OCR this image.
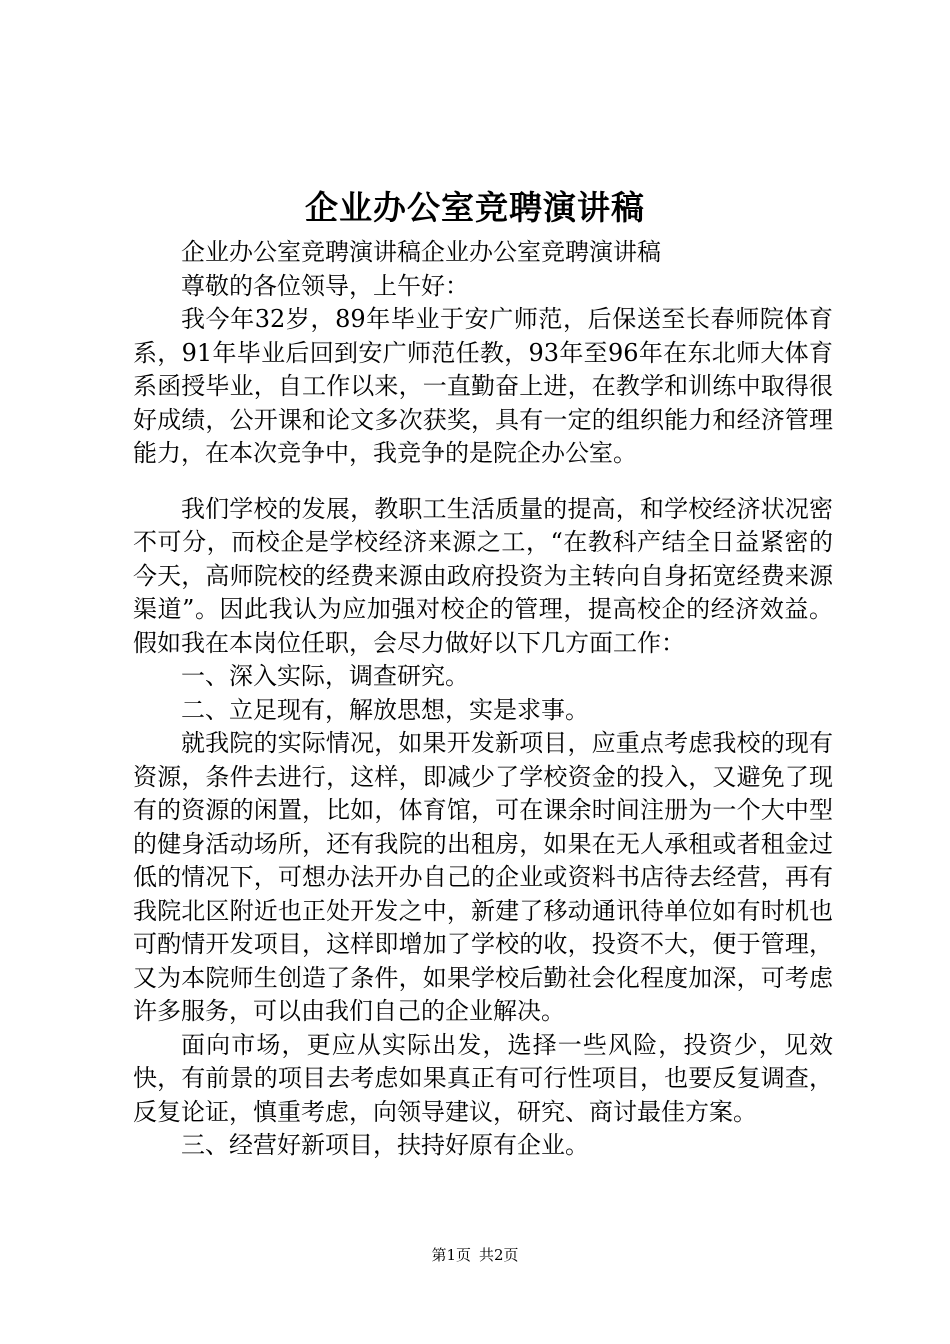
企业办公室竞聘演讲稿

企业办公室竞聘演讲稿企业办公室竞聘演讲稿

尊敬的各位领导，上午好：

我今年32岁，89年毕业于安广师范，后保送至长春师院体育系，91年毕业后回到安广师范任教，93年至96年在东北师大体育系函授毕业，自工作以来，一直勤奋上进，在教学和训练中取得很好成绩，公开课和论文多次获奖，具有一定的组织能力和经济管理能力，在本次竞争中，我竞争的是院企办公室。

我们学校的发展，教职工生活质量的提高，和学校经济状况密不可分，而校企是学校经济来源之工，“在教科产结全日益紧密的今天，高师院校的经费来源由政府投资为主转向自身拓宽经费来源渠道”。因此我认为应加强对校企的管理，提高校企的经济效益。假如我在本岗位任职，会尽力做好以下几方面工作：

一、深入实际，调查研究。

二、立足现有，解放思想，实是求事。

就我院的实际情况，如果开发新项目，应重点考虑我校的现有资源，条件去进行，这样，即减少了学校资金的投入，又避免了现有的资源的闲置，比如，体育馆，可在课余时间注册为一个大中型的健身活动场所，还有我院的出租房，如果在无人承租或者租金过低的情况下，可想办法开办自己的企业或资料书店待去经营，再有我院北区附近也正处开发之中，新建了移动通讯待单位如有时机也可酌情开发项目，这样即增加了学校的收，投资不大，便于管理，又为本院师生创造了条件，如果学校后勤社会化程度加深，可考虑许多服务，可以由我们自己的企业解决。

面向市场，更应从实际出发，选择一些风险，投资少，见效快，有前景的项目去考虑如果真正有可行性项目，也要反复调查，反复论证，慎重考虑，向领导建议，研究、商讨最佳方案。

三、经营好新项目，扶持好原有企业。

第1页 共2页
